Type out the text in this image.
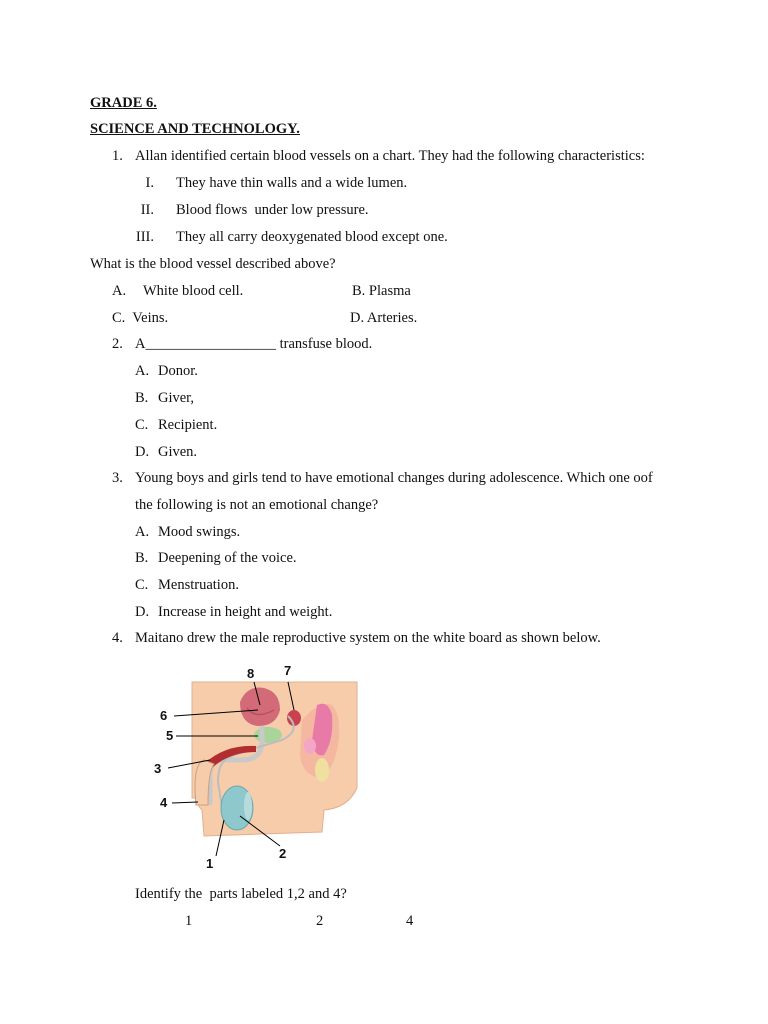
GRADE 6.
SCIENCE AND TECHNOLOGY.
1. Allan identified certain blood vessels on a chart. They had the following characteristics:
I. They have thin walls and a wide lumen.
II. Blood flows  under low pressure.
III. They all carry deoxygenated blood except one.
What is the blood vessel described above?
A. White blood cell.	B. Plasma
C.  Veins.	D. Arteries.
2. A__________________ transfuse blood.
A. Donor.
B. Giver,
C. Recipient.
D. Given.
3. Young boys and girls tend to have emotional changes during adolescence. Which one oof
the following is not an emotional change?
A. Mood swings.
B. Deepening of the voice.
C. Menstruation.
D. Increase in height and weight.
4. Maitano drew the male reproductive system on the white board as shown below.
8 7
6
5
3
4
2
1
Identify the  parts labeled 1,2 and 4?
1	2	4
